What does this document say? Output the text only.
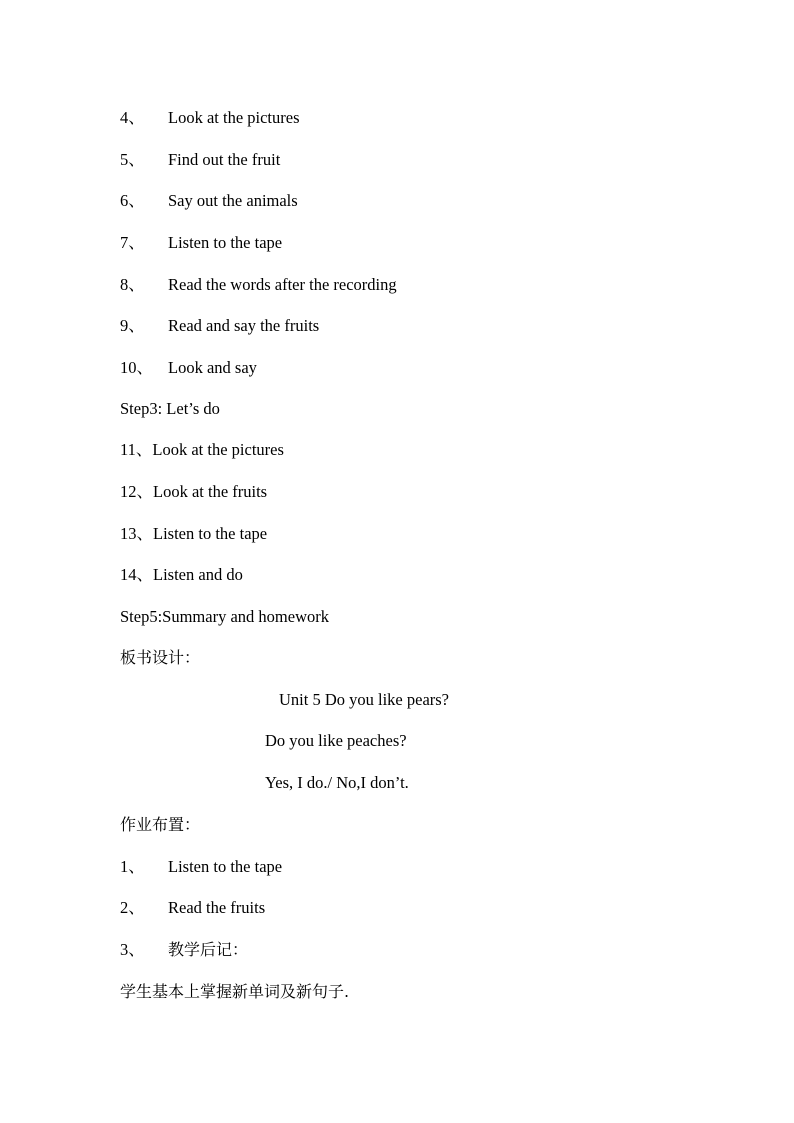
4、 Look at the pictures
5、 Find out the fruit
6、 Say out the animals
7、 Listen to the tape
8、 Read the words after the recording
9、 Read and say the fruits
10、 Look and say
Step3: Let’s do
11、Look at the pictures
12、Look at the fruits
13、Listen to the tape
14、Listen and do
Step5:Summary and homework
板书设计：
Unit 5 Do you like pears?
Do you like peaches?
Yes, I do./ No,I don’t.
作业布置：
1、 Listen to the tape
2、 Read the fruits
3、 教学后记：
学生基本上掌握新单词及新句子.
